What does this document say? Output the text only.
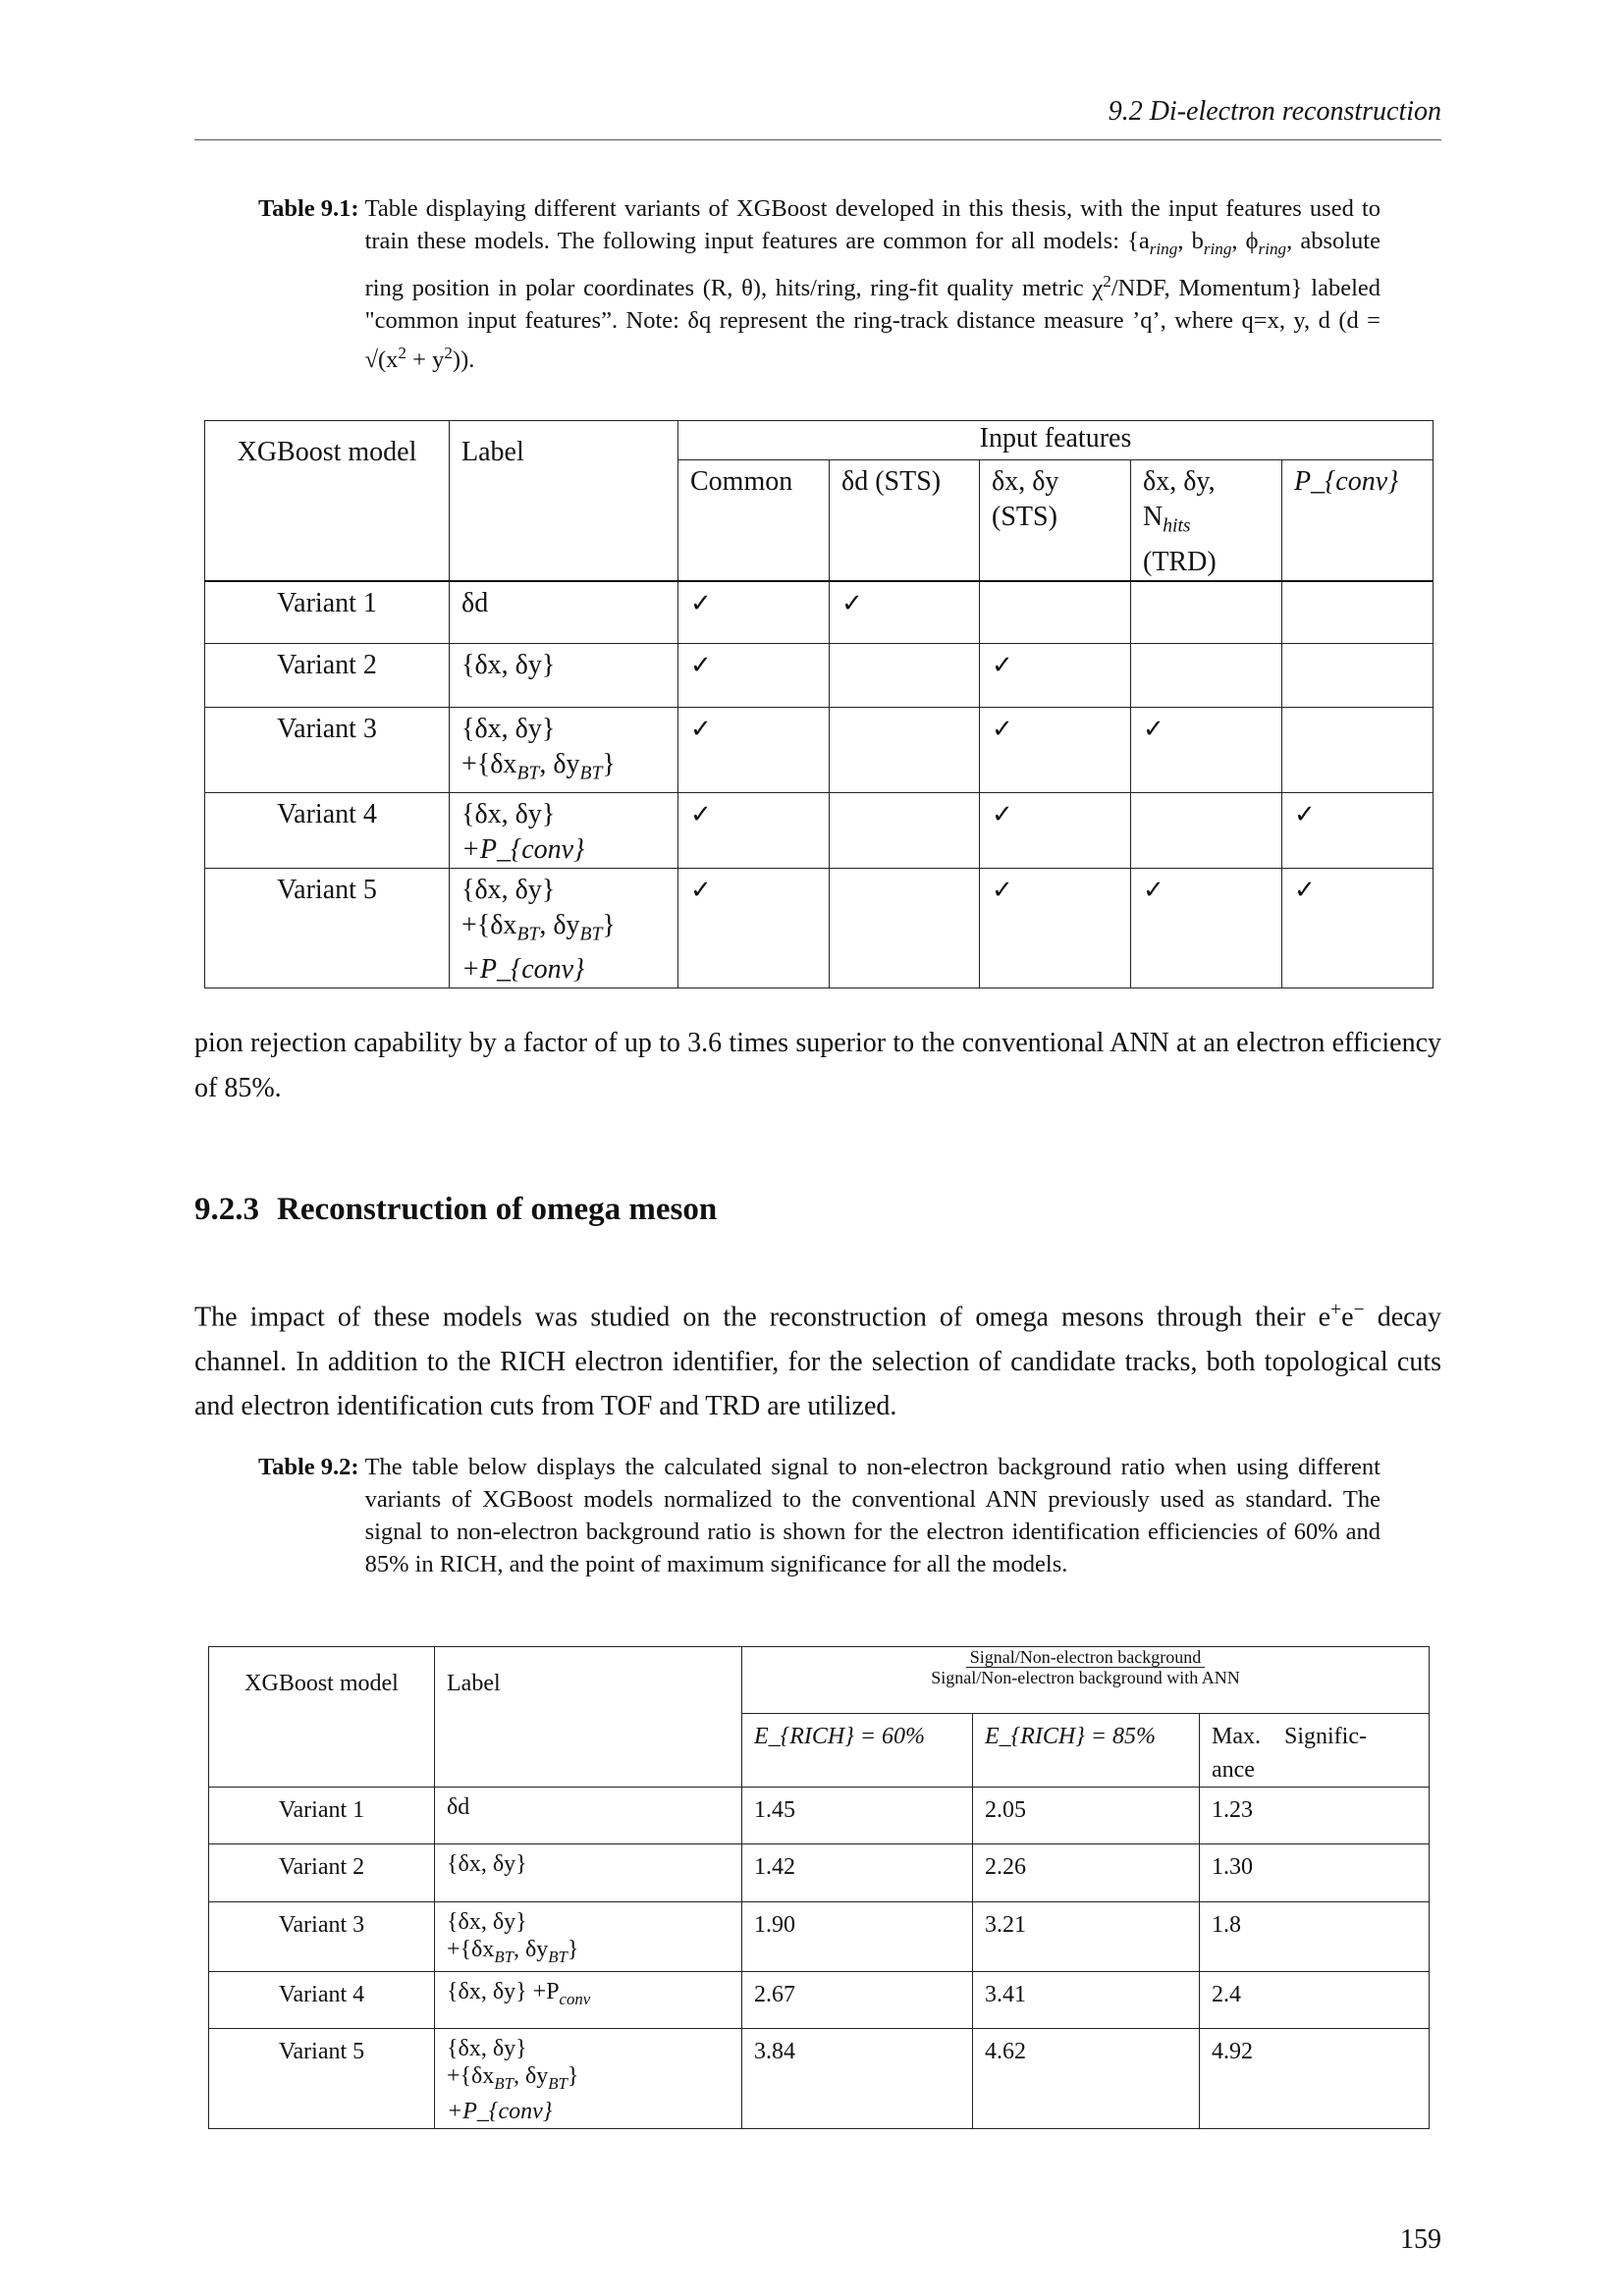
9.2 Di-electron reconstruction
Table 9.1: Table displaying different variants of XGBoost developed in this thesis, with the input features used to train these models. The following input features are common for all models: {$a_{ring}$, $b_{ring}$, $\phi_{ring}$, absolute ring position in polar coordinates (R, θ), hits/ring, ring-fit quality metric $\chi^2$/NDF, Momentum} labeled "common input features”. Note: δq represent the ring-track distance measure ’q’, where q=x, y, d $(d = √(x^2 + y^2))$.
XGBoost model	Label	Input features				
		Common	δd (STS)	δx, δy (STS)	δx, δy, $N_{hits}$ (TRD)	P_{conv}
Variant 1	δd	✓	✓			
Variant 2	{δx, δy}	✓		✓		
Variant 3	{δx, δy}
$+\{\delta x_{BT}$, $\delta y_{BT}$}	✓		✓	✓	
Variant 4	{δx, δy}
+P_{conv}	✓		✓		✓
Variant 5	{δx, δy}
$+\{\delta x_{BT}$, $\delta y_{BT}$}
+P_{conv}	✓		✓	✓	✓
pion rejection capability by a factor of up to 3.6 times superior to the conventional ANN at an electron efficiency of 85%.
9.2.3 Reconstruction of omega meson
The impact of these models was studied on the reconstruction of omega mesons through their e+e− decay channel. In addition to the RICH electron identifier, for the selection of candidate tracks, both topological cuts and electron identification cuts from TOF and TRD are utilized.
Table 9.2: The table below displays the calculated signal to non-electron background ratio when using different variants of XGBoost models normalized to the conventional ANN previously used as standard. The signal to non-electron background ratio is shown for the electron identification efficiencies of 60% and 85% in RICH, and the point of maximum significance for all the models.
XGBoost model	Label	Signal/Non-electron background
Signal/Non-electron background with ANN		
		E_{RICH} = 60%	E_{RICH} = 85%	Max. Signific- ance
Variant 1	δd	1.45	2.05	1.23
Variant 2	{δx, δy}	1.42	2.26	1.30
Variant 3	{δx, δy}
$+\{\delta x_{BT}$, $\delta y_{BT}$}	1.90	3.21	1.8
Variant 4	{δx, $\delta y\} +P_{conv}$	2.67	3.41	2.4
Variant 5	{δx, δy}
$+\{\delta x_{BT}$, $\delta y_{BT}$}
+P_{conv}	3.84	4.62	4.92
159
